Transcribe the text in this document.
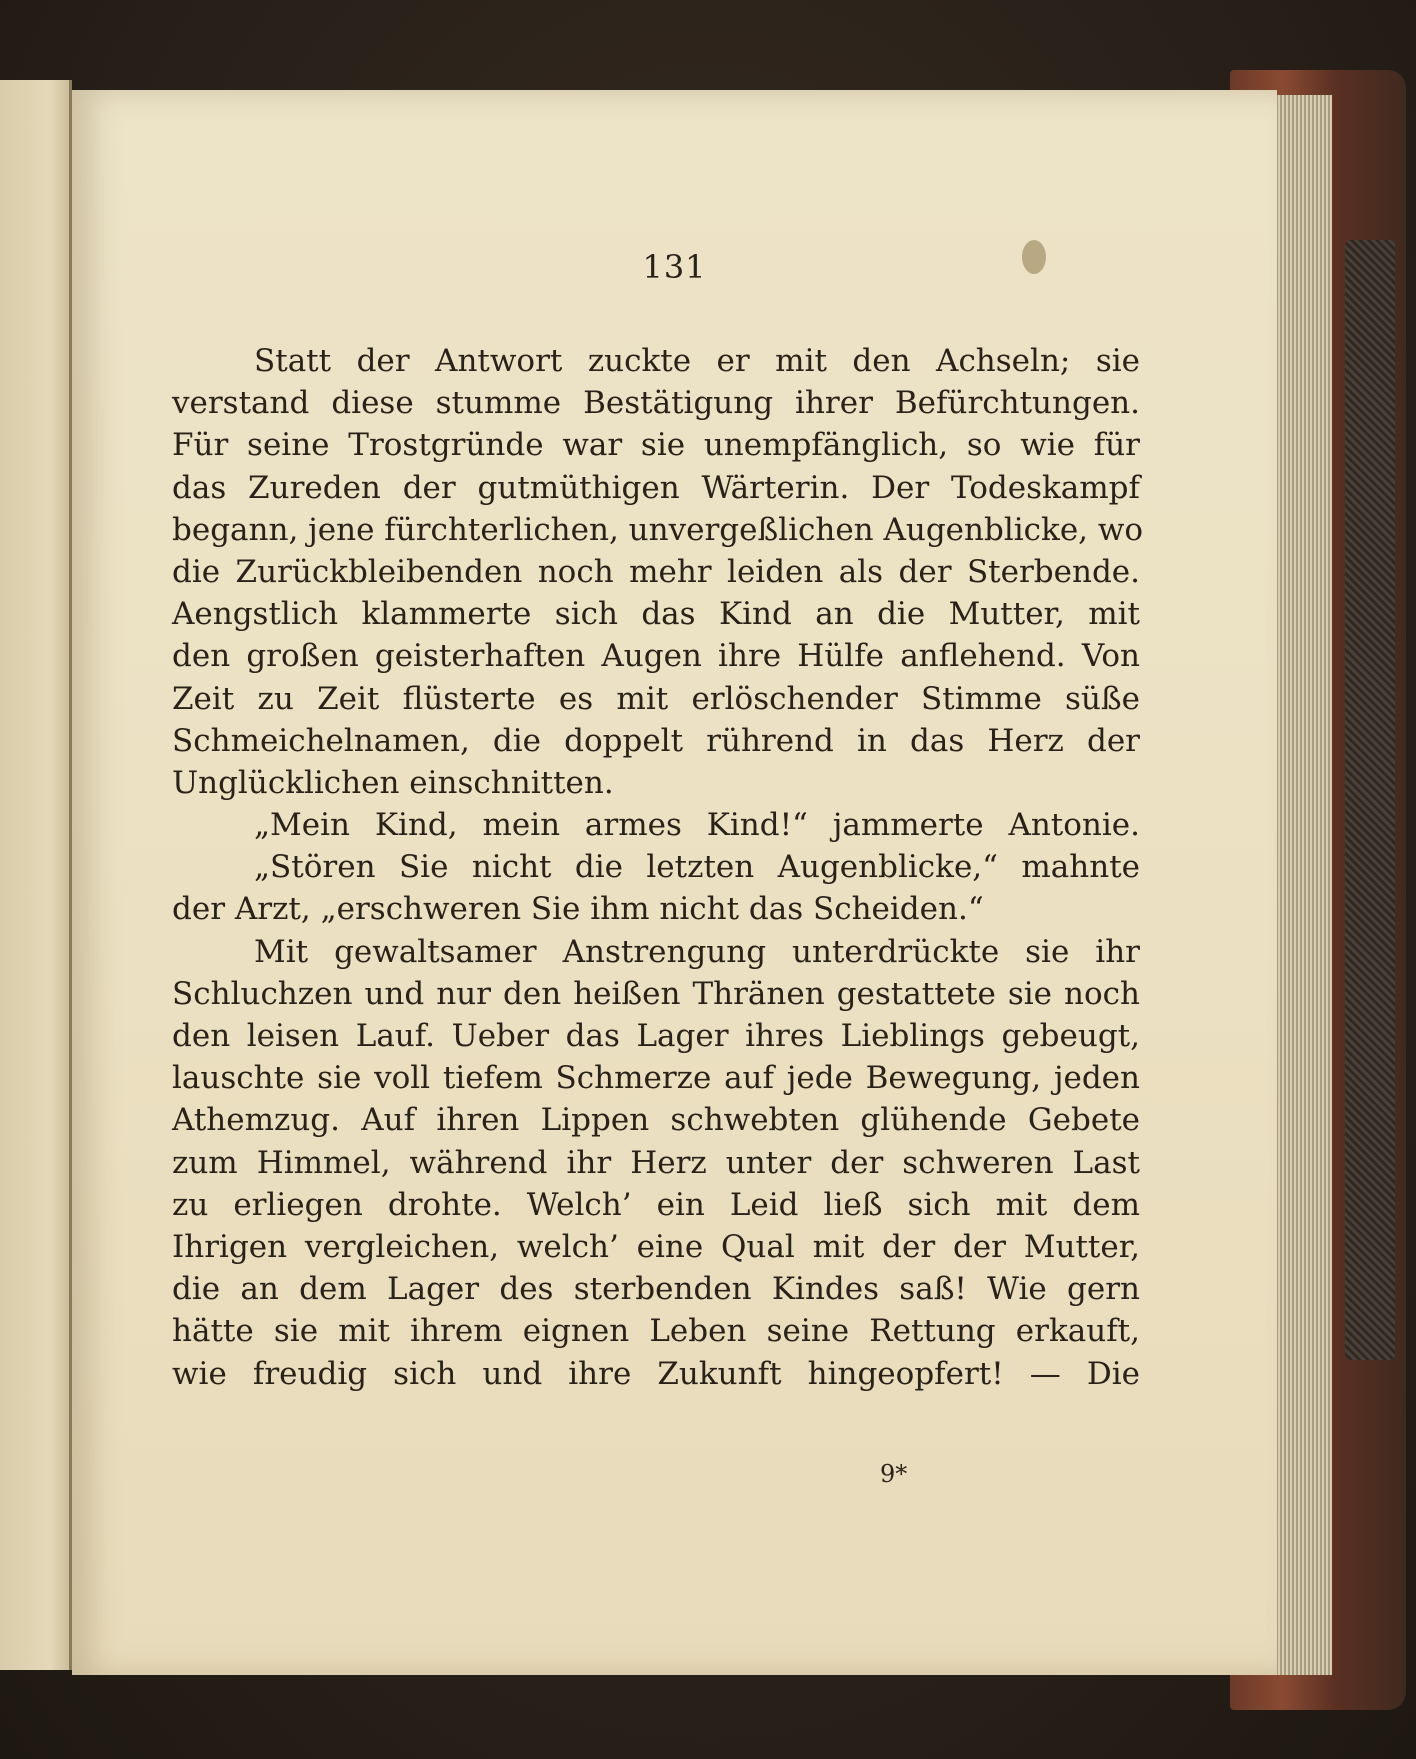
131
Statt der Antwort zuckte er mit den Achseln; sie
verstand diese stumme Bestätigung ihrer Befürchtungen.
Für seine Trostgründe war sie unempfänglich, so wie für
das Zureden der gutmüthigen Wärterin. Der Todeskampf
begann, jene fürchterlichen, unvergeßlichen Augenblicke, wo
die Zurückbleibenden noch mehr leiden als der Sterbende.
Aengstlich klammerte sich das Kind an die Mutter, mit
den großen geisterhaften Augen ihre Hülfe anflehend. Von
Zeit zu Zeit flüsterte es mit erlöschender Stimme süße
Schmeichelnamen, die doppelt rührend in das Herz der
Unglücklichen einschnitten.
„Mein Kind, mein armes Kind!“ jammerte Antonie.
„Stören Sie nicht die letzten Augenblicke,“ mahnte
der Arzt, „erschweren Sie ihm nicht das Scheiden.“
Mit gewaltsamer Anstrengung unterdrückte sie ihr
Schluchzen und nur den heißen Thränen gestattete sie noch
den leisen Lauf. Ueber das Lager ihres Lieblings gebeugt,
lauschte sie voll tiefem Schmerze auf jede Bewegung, jeden
Athemzug. Auf ihren Lippen schwebten glühende Gebete
zum Himmel, während ihr Herz unter der schweren Last
zu erliegen drohte. Welch’ ein Leid ließ sich mit dem
Ihrigen vergleichen, welch’ eine Qual mit der der Mutter,
die an dem Lager des sterbenden Kindes saß! Wie gern
hätte sie mit ihrem eignen Leben seine Rettung erkauft,
wie freudig sich und ihre Zukunft hingeopfert! — Die
9*
